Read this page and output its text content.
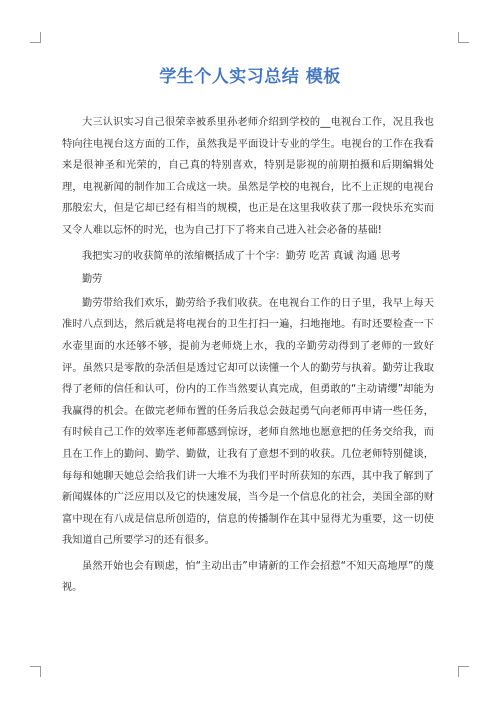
学生个人实习总结 模板

大三认识实习自己很荣幸被系里孙老师介绍到学校的__电视台工作，况且我也特向往电视台这方面的工作，虽然我是平面设计专业的学生。电视台的工作在我看来是很神圣和光荣的，自己真的特别喜欢，特别是影视的前期拍摄和后期编辑处理，电视新闻的制作加工合成这一块。虽然是学校的电视台，比不上正规的电视台那般宏大，但是它却已经有相当的规模，也正是在这里我收获了那一段快乐充实而又令人难以忘怀的时光，也为自己打下了将来自己进入社会必备的基础!

我把实习的收获简单的浓缩概括成了十个字：勤劳 吃苦 真诚 沟通 思考

勤劳

勤劳带给我们欢乐，勤劳给予我们收获。在电视台工作的日子里，我早上每天准时八点到达，然后就是将电视台的卫生打扫一遍，扫地拖地。有时还要检查一下水壶里面的水还够不够，提前为老师烧上水，我的辛勤劳动得到了老师的一致好评。虽然只是零散的杂活但是透过它却可以读懂一个人的勤劳与执着。勤劳让我取得了老师的信任和认可，份内的工作当然要认真完成，但勇敢的“主动请缨”却能为我赢得的机会。在做完老师布置的任务后我总会鼓起勇气向老师再申请一些任务，有时候自己工作的效率连老师都感到惊讶，老师自然地也愿意把的任务交给我，而且在工作上的勤问、勤学、勤做，让我有了意想不到的收获。几位老师特别健谈，每每和她聊天她总会给我们讲一大堆不为我们平时所获知的东西，其中我了解到了新闻媒体的广泛应用以及它的快速发展，当今是一个信息化的社会，美国全部的财富中现在有八成是信息所创造的，信息的传播制作在其中显得尤为重要，这一切使我知道自己所要学习的还有很多。

虽然开始也会有顾虑，怕“主动出击”申请新的工作会招惹“不知天高地厚”的蔑视。
